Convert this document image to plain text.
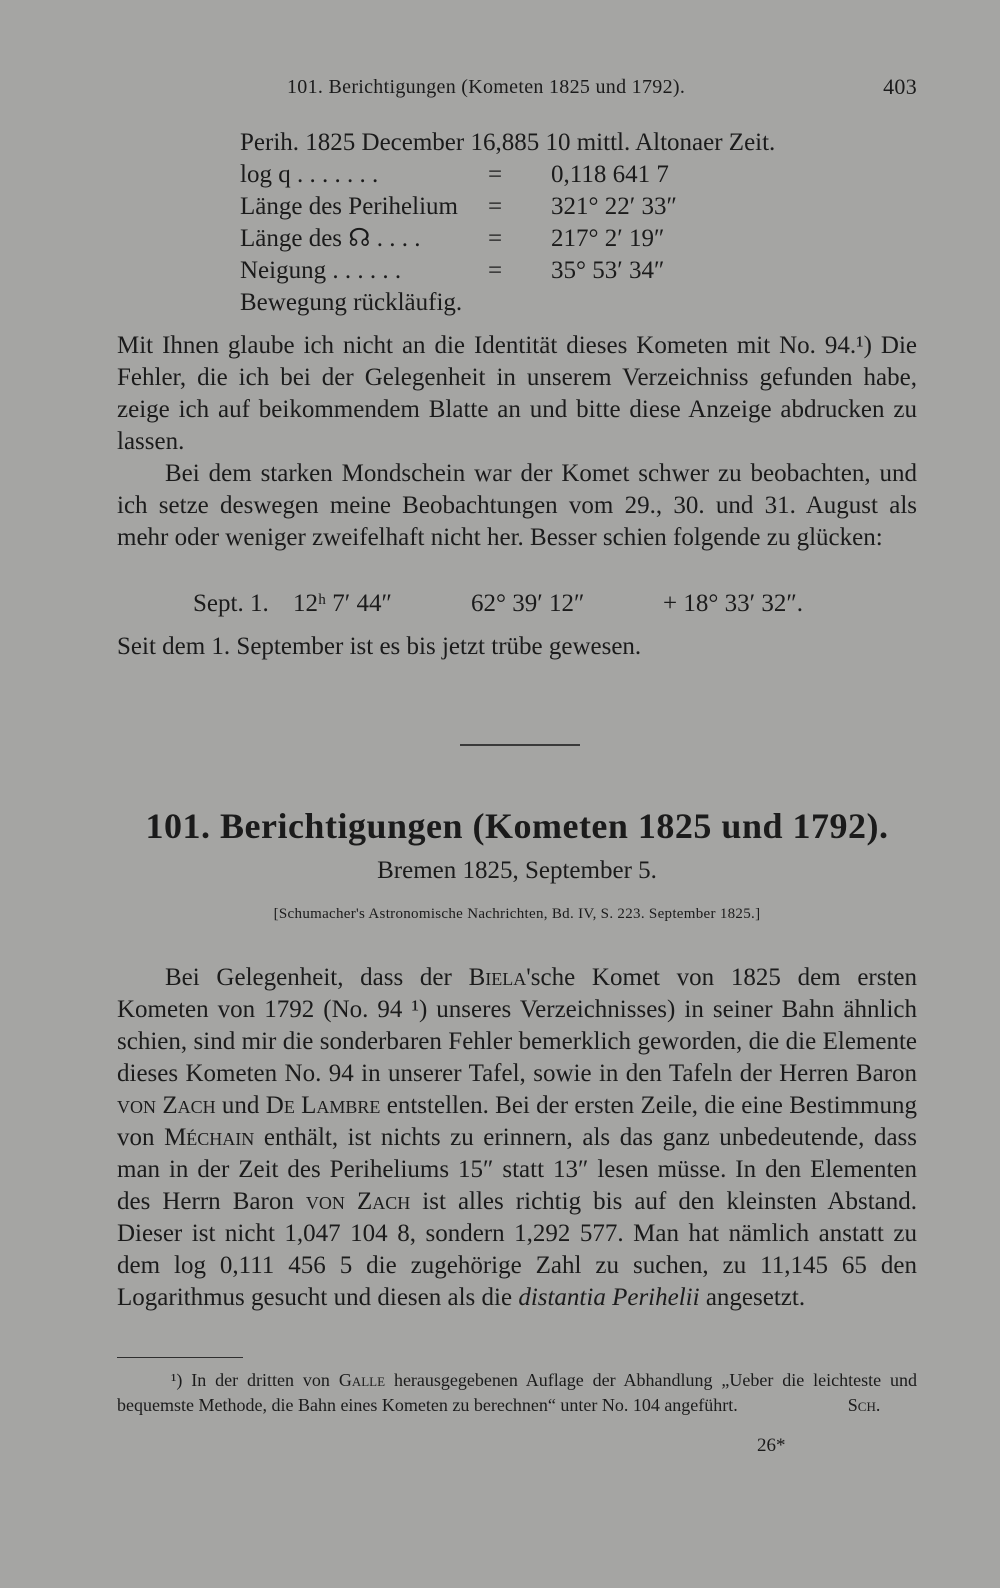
101. Berichtigungen (Kometen 1825 und 1792).	403
Perih. 1825 December 16,885 10 mittl. Altonaer Zeit.
log q . . . . . . .	= 0,118 641 7
Länge des Perihelium = 321° 22′ 33″
Länge des ☊ . . . .	= 217° 2′ 19″
Neigung . . . . . .	= 35° 53′ 34″
Bewegung rückläufig.

Mit Ihnen glaube ich nicht an die Identität dieses Kometen mit No. 94.¹) Die Fehler, die ich bei der Gelegenheit in unserem Verzeichniss gefunden habe, zeige ich auf beikommendem Blatte an und bitte diese Anzeige abdrucken zu lassen.

Bei dem starken Mondschein war der Komet schwer zu beobachten, und ich setze deswegen meine Beobachtungen vom 29., 30. und 31. August als mehr oder weniger zweifelhaft nicht her. Besser schien folgende zu glücken:

Sept. 1. 12ʰ 7′ 44″	62° 39′ 12″	+ 18° 33′ 32″.

Seit dem 1. September ist es bis jetzt trübe gewesen.

101. Berichtigungen (Kometen 1825 und 1792).
Bremen 1825, September 5.
[Schumacher's Astronomische Nachrichten, Bd. IV, S. 223. September 1825.]

Bei Gelegenheit, dass der Biela'sche Komet von 1825 dem ersten Kometen von 1792 (No. 94 ¹) unseres Verzeichnisses) in seiner Bahn ähnlich schien, sind mir die sonderbaren Fehler bemerklich geworden, die die Elemente dieses Kometen No. 94 in unserer Tafel, sowie in den Tafeln der Herren Baron von Zach und De Lambre entstellen. Bei der ersten Zeile, die eine Bestimmung von Méchain enthält, ist nichts zu erinnern, als das ganz unbedeutende, dass man in der Zeit des Periheliums 15″ statt 13″ lesen müsse. In den Elementen des Herrn Baron von Zach ist alles richtig bis auf den kleinsten Abstand. Dieser ist nicht 1,047 104 8, sondern 1,292 577. Man hat nämlich anstatt zu dem log 0,111 456 5 die zugehörige Zahl zu suchen, zu 11,145 65 den Logarithmus gesucht und diesen als die distantia Perihelii angesetzt.

¹) In der dritten von Galle herausgegebenen Auflage der Abhandlung „Ueber die leichteste und bequemste Methode, die Bahn eines Kometen zu berechnen“ unter No. 104 angeführt.	Sch.

26*
